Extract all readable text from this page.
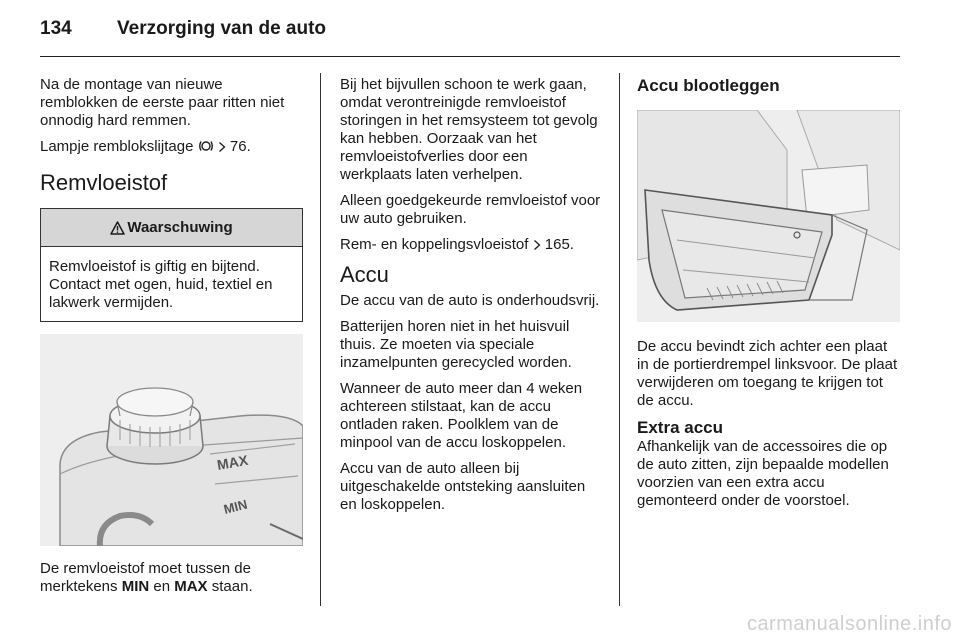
134	Verzorging van de auto

Na de montage van nieuwe remblokken de eerste paar ritten niet onnodig hard remmen.

Lampje remblokslijtage 76.

Remvloeistof
Waarschuwing
Remvloeistof is giftig en bijtend. Contact met ogen, huid, textiel en lakwerk vermijden.
MAX
MIN

De remvloeistof moet tussen de merktekens MIN en MAX staan.

Bij het bijvullen schoon te werk gaan, omdat verontreinigde remvloeistof storingen in het remsysteem tot gevolg kan hebben. Oorzaak van het remvloeistofverlies door een werkplaats laten verhelpen.

Alleen goedgekeurde remvloeistof voor uw auto gebruiken.

Rem- en koppelingsvloeistof 165.

Accu

De accu van de auto is onderhoudsvrij.

Batterijen horen niet in het huisvuil thuis. Ze moeten via speciale inzamelpunten gerecycled worden.

Wanneer de auto meer dan 4 weken achtereen stilstaat, kan de accu ontladen raken. Poolklem van de minpool van de accu loskoppelen.

Accu van de auto alleen bij uitgeschakelde ontsteking aansluiten en loskoppelen.

Accu blootleggen

De accu bevindt zich achter een plaat in de portierdrempel linksvoor. De plaat verwijderen om toegang te krijgen tot de accu.

Extra accu

Afhankelijk van de accessoires die op de auto zitten, zijn bepaalde modellen voorzien van een extra accu gemonteerd onder de voorstoel.

carmanualsonline.info
